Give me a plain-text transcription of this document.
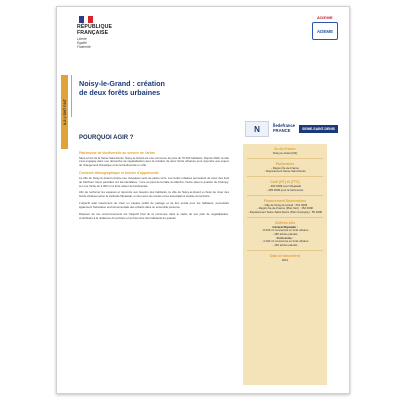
RÉPUBLIQUE
FRANÇAISE
Liberté
Égalité
Fraternité
ADEME
ADEME
ILS L'ONT FAIT
Noisy-le-Grand : création
de deux forêts urbaines
N	Îledefrance
FRANCE	SEINE-SAINT-DENIS
POURQUOI AGIR ?
Patrimoine de biodiversité au service de l'arbre

Situé à l'est de la Seine-Saint-Denis, Noisy-le-Grand est une commune de près de 70 000 habitants. Depuis 2020, la ville s'est engagée dans une démarche de végétalisation avec la création de deux forêts urbaines pour répondre aux enjeux du changement climatique et de la biodiversité en ville.

Contexte démographique et foncier d'opportunité

La ville de Noisy-le-Grand compte peu d'espaces verts de pleine terre. Les forêts urbaines permettent de créer des îlots de fraîcheur. Deux parcelles ont été identifiées : l'une au pied de la halte du Marché, l'autre dans le quartier du Champy, sur une friche de 3 000 m² à forte valeur de biodiversité.

Afin de renforcer les espaces et répondre aux besoins des habitants, la ville de Noisy-le-Grand a choisi de créer des forêts urbaines selon la méthode Miyawaki, en lien avec les écoles et les associations locales du territoire.

L'objectif était notamment de créer un espace public de partage et de lien social pour les habitants, permettant également l'éducation environnementale des enfants dans un ensemble préservé.

Disposer de ces environnements est l'objectif final de la commune dans le cadre de son plan de végétalisation, contribuant à la résilience du territoire et au bien-être des habitants du quartier.

Ile-de-France
Noisy-le-Grand (93)
Partenaires
- Région Île-de-France
- Département Seine-Saint-Denis
Coût (HT) et (TTC)
- 460 000€ pour Miyawaki
- 255 000€ pour la forêt-école
Financement Subventions
- Ville de Noisy-le-Grand : 251 000€
- Région Île-de-France (Plan Vert) : 154 000€
- Département Seine-Saint-Denis (Plan Canopée) : 55 000€
Chiffres clés
Général Miyawaki :
- 8 000 m² concernés en forêt urbaine
- 180 arbres plantés
Forêt-école :
- 3 400 m² concernés en forêt urbaine
- 190 arbres plantés
Date de lancement
2021
